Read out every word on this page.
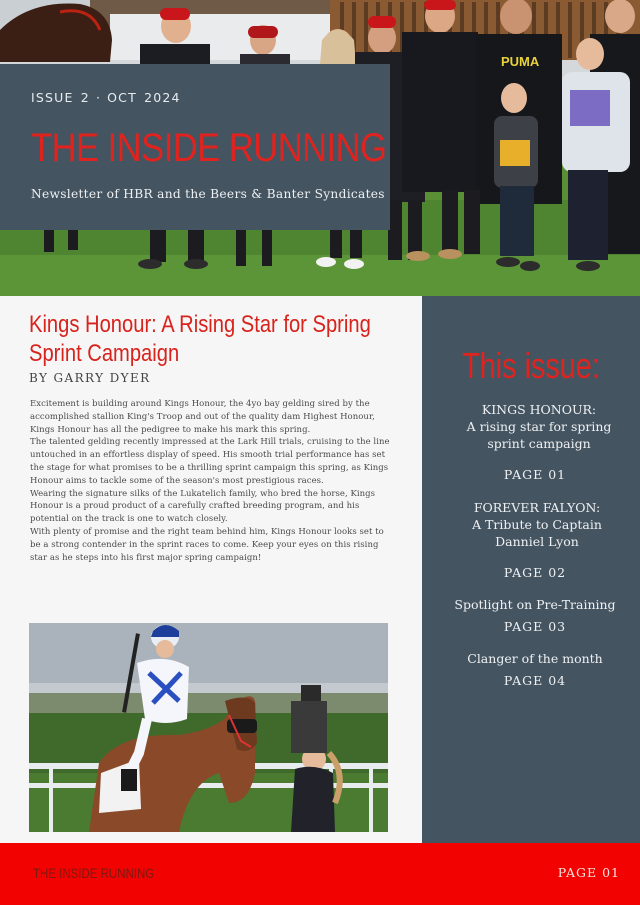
PUMA
ISSUE 2 · OCT 2024
THE INSIDE RUNNING
Newsletter of HBR and the Beers & Banter Syndicates
Kings Honour: A Rising Star for Spring Sprint Campaign
BY GARRY DYER

Excitement is building around Kings Honour, the 4yo bay gelding sired by the accomplished stallion King's Troop and out of the quality dam Highest Honour, Kings Honour has all the pedigree to make his mark this spring.

The talented gelding recently impressed at the Lark Hill trials, cruising to the line untouched in an effortless display of speed. His smooth trial performance has set the stage for what promises to be a thrilling sprint campaign this spring, as Kings Honour aims to tackle some of the season's most prestigious races.

Wearing the signature silks of the Lukatelich family, who bred the horse, Kings Honour is a proud product of a carefully crafted breeding program, and his potential on the track is one to watch closely.

With plenty of promise and the right team behind him, Kings Honour looks set to be a strong contender in the sprint races to come. Keep your eyes on this rising star as he steps into his first major spring campaign!

This issue:
KINGS HONOUR:
A rising star for spring sprint campaign
PAGE 01
FOREVER FALYON:
A Tribute to Captain Danniel Lyon
PAGE 02
Spotlight on Pre-Training
PAGE 03
Clanger of the month
PAGE 04
THE INSIDE RUNNING	PAGE 01
